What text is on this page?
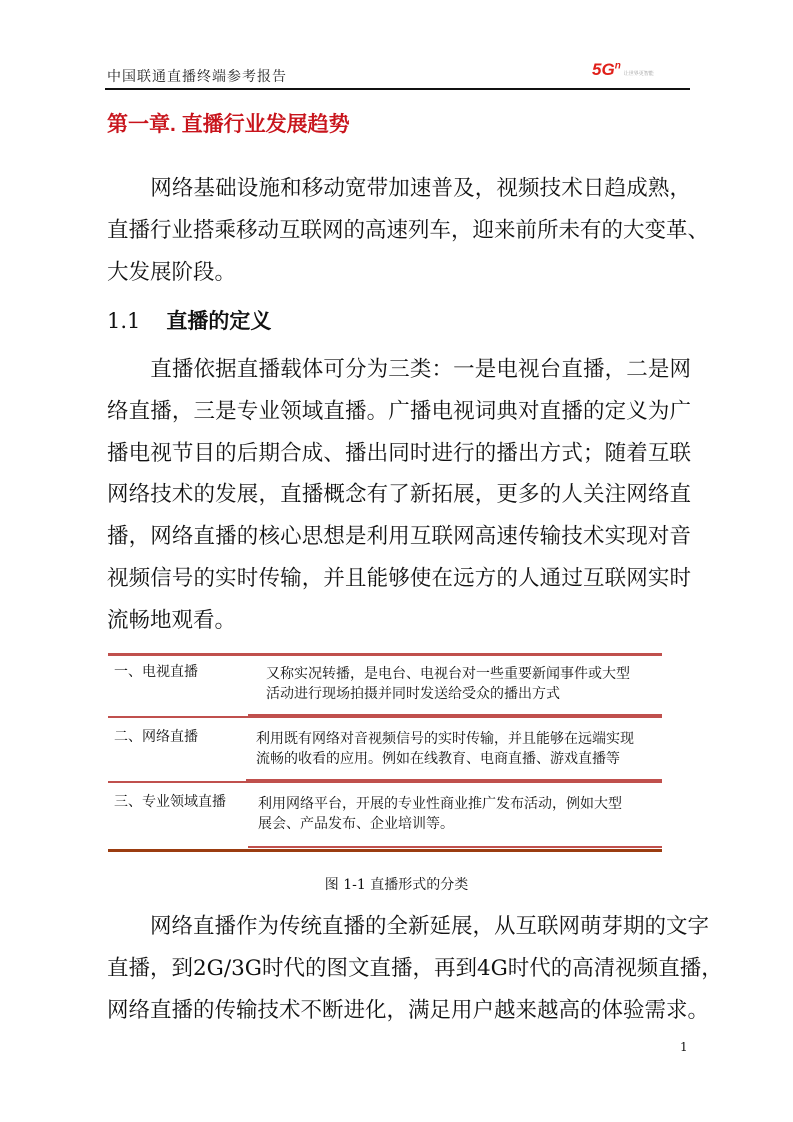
中国联通直播终端参考报告	$5G^n$让世界更智能
第一章. 直播行业发展趋势
　　网络基础设施和移动宽带加速普及，视频技术日趋成熟，
直播行业搭乘移动互联网的高速列车，迎来前所未有的大变革、
大发展阶段。
1.1 直播的定义
　　直播依据直播载体可分为三类：一是电视台直播，二是网
络直播，三是专业领域直播。广播电视词典对直播的定义为广
播电视节目的后期合成、播出同时进行的播出方式；随着互联
网络技术的发展，直播概念有了新拓展，更多的人关注网络直
播，网络直播的核心思想是利用互联网高速传输技术实现对音
视频信号的实时传输，并且能够使在远方的人通过互联网实时
流畅地观看。
一、电视直播	又称实况转播，是电台、电视台对一些重要新闻事件或大型
活动进行现场拍摄并同时发送给受众的播出方式
二、网络直播	利用既有网络对音视频信号的实时传输，并且能够在远端实现
流畅的收看的应用。例如在线教育、电商直播、游戏直播等
三、专业领域直播 利用网络平台，开展的专业性商业推广发布活动，例如大型
展会、产品发布、企业培训等。
图 1-1 直播形式的分类
　　网络直播作为传统直播的全新延展，从互联网萌芽期的文字
直播，到2G/3G时代的图文直播，再到4G时代的高清视频直播，
网络直播的传输技术不断进化，满足用户越来越高的体验需求。
1
